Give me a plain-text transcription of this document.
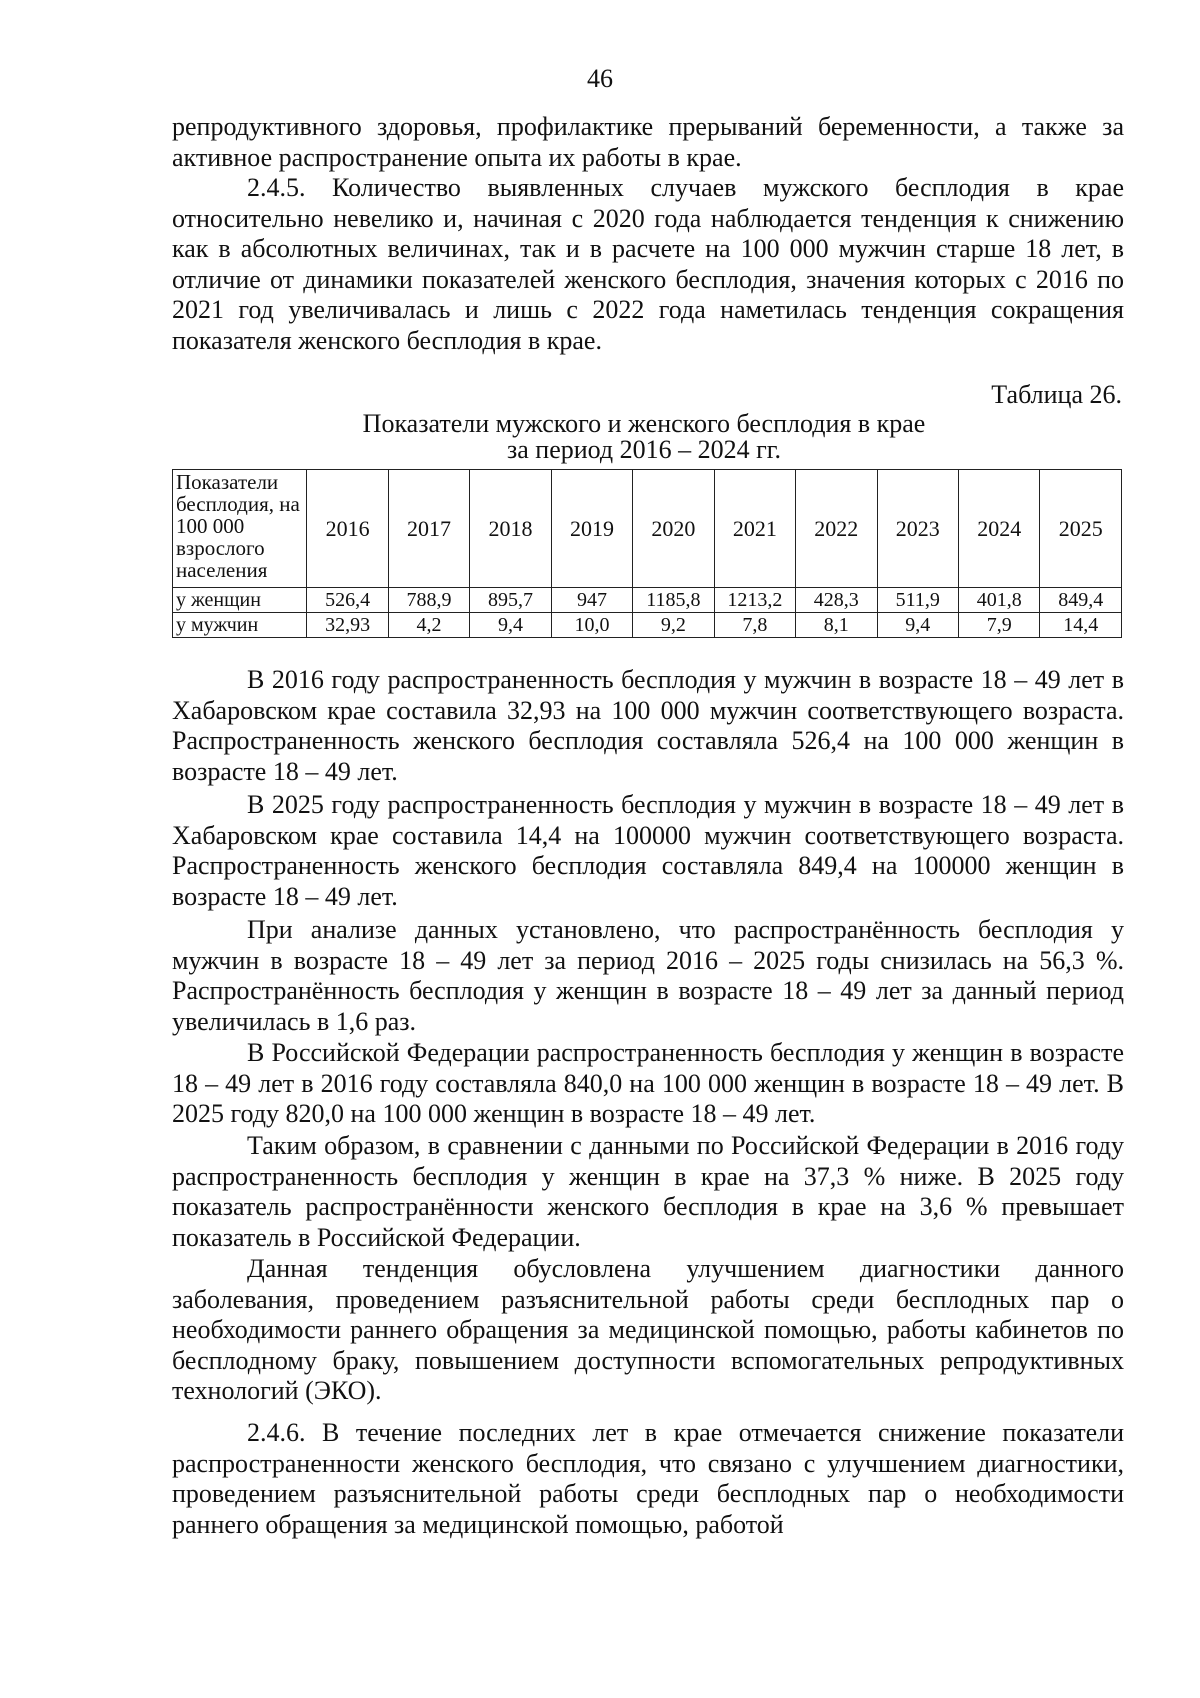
46
репродуктивного здоровья, профилактике прерываний беременности, а также за активное распространение опыта их работы в крае.
2.4.5. Количество выявленных случаев мужского бесплодия в крае относительно невелико и, начиная с 2020 года наблюдается тенденция к снижению как в абсолютных величинах, так и в расчете на 100 000 мужчин старше 18 лет, в отличие от динамики показателей женского бесплодия, значения которых с 2016 по 2021 год увеличивалась и лишь с 2022 года наметилась тенденция сокращения показателя женского бесплодия в крае.
Таблица 26.
Показатели мужского и женского бесплодия в крае
за период 2016 – 2024 гг.
Показатели бесплодия, на 100 000 взрослого населения	2016	2017	2018	2019	2020	2021	2022	2023	2024	2025
у женщин	526,4	788,9	895,7	947	1185,8	1213,2	428,3	511,9	401,8	849,4
у мужчин	32,93	4,2	9,4	10,0	9,2	7,8	8,1	9,4	7,9	14,4
В 2016 году распространенность бесплодия у мужчин в возрасте 18 – 49 лет в Хабаровском крае составила 32,93 на 100 000 мужчин соответствующего возраста. Распространенность женского бесплодия составляла 526,4 на 100 000 женщин в возрасте 18 – 49 лет.
В 2025 году распространенность бесплодия у мужчин в возрасте 18 – 49 лет в Хабаровском крае составила 14,4 на 100000 мужчин соответствующего возраста. Распространенность женского бесплодия составляла 849,4 на 100000 женщин в возрасте 18 – 49 лет.
При анализе данных установлено, что распространённость бесплодия у мужчин в возрасте 18 – 49 лет за период 2016 – 2025 годы снизилась на 56,3 %. Распространённость бесплодия у женщин в возрасте 18 – 49 лет за данный период увеличилась в 1,6 раз.
В Российской Федерации распространенность бесплодия у женщин в возрасте 18 – 49 лет в 2016 году составляла 840,0 на 100 000 женщин в возрасте 18 – 49 лет. В 2025 году 820,0 на 100 000 женщин в возрасте 18 – 49 лет.
Таким образом, в сравнении с данными по Российской Федерации в 2016 году распространенность бесплодия у женщин в крае на 37,3 % ниже. В 2025 году показатель распространённости женского бесплодия в крае на 3,6 % превышает показатель в Российской Федерации.
Данная тенденция обусловлена улучшением диагностики данного заболевания, проведением разъяснительной работы среди бесплодных пар о необходимости раннего обращения за медицинской помощью, работы кабинетов по бесплодному браку, повышением доступности вспомогательных репродуктивных технологий (ЭКО).
2.4.6. В течение последних лет в крае отмечается снижение показатели распространенности женского бесплодия, что связано с улучшением диагностики, проведением разъяснительной работы среди бесплодных пар о необходимости раннего обращения за медицинской помощью, работой
